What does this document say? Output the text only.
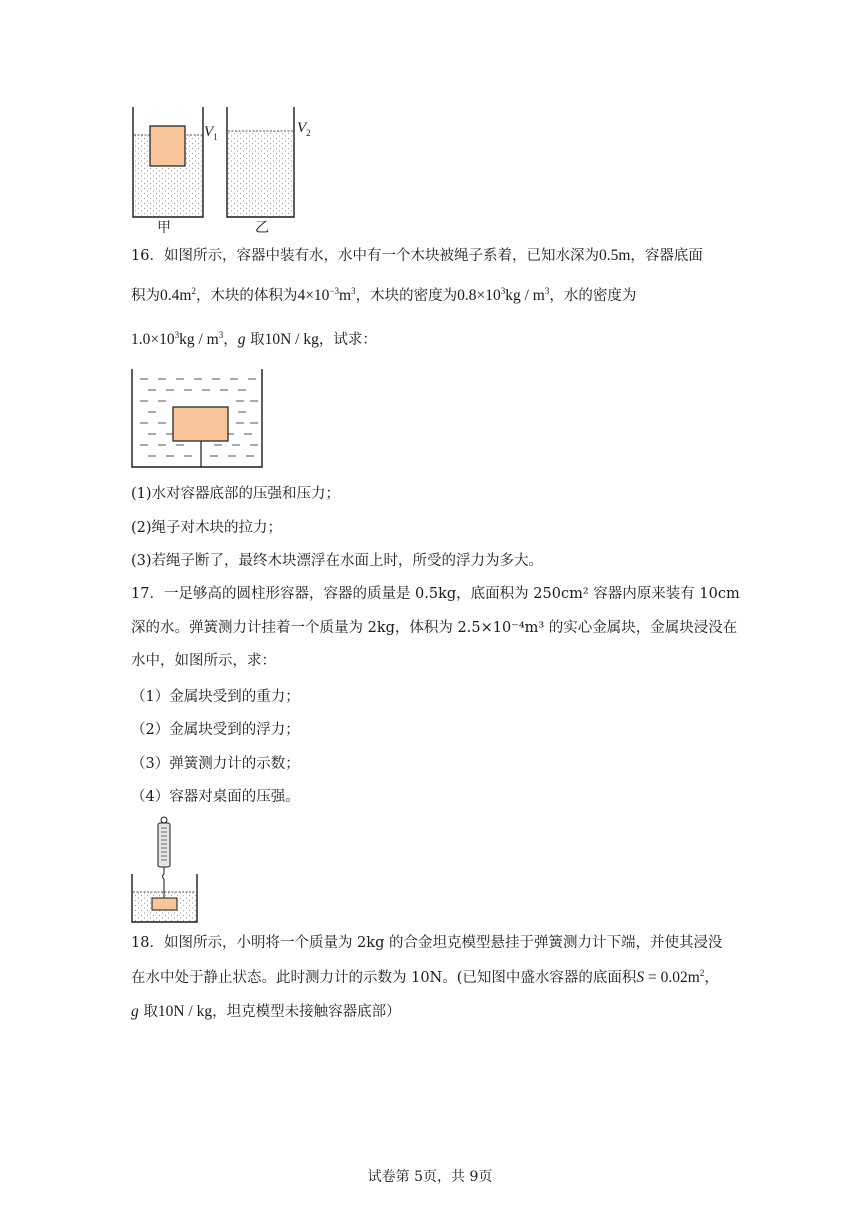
$V_1$
$V_2$
甲	乙
16．如图所示，容器中装有水，水中有一个木块被绳子系着，已知水深为0.5m，容器底面
积为$0.4m^2$，木块的体积为$4\times 10^{-3}m^3$，木块的密度为$0.8\times 10^3kg / m^3$，水的密度为
$1.0\times 10^3kg / m^3$，g 取10N / kg，试求：
(1)水对容器底部的压强和压力；
(2)绳子对木块的拉力；
(3)若绳子断了，最终木块漂浮在水面上时，所受的浮力为多大。
17．一足够高的圆柱形容器，容器的质量是 0.5kg，底面积为 250cm² 容器内原来装有 10cm
深的水。弹簧测力计挂着一个质量为 2kg，体积为 2.5×10⁻⁴m³ 的实心金属块，金属块浸没在
水中，如图所示，求：
（1）金属块受到的重力；
（2）金属块受到的浮力；
（3）弹簧测力计的示数；
（4）容器对桌面的压强。
18．如图所示，小明将一个质量为 2kg 的合金坦克模型悬挂于弹簧测力计下端，并使其浸没
在水中处于静止状态。此时测力计的示数为 10N。(已知图中盛水容器的底面积$S = 0.02m^2$，
g 取10N / kg，坦克模型未接触容器底部）
试卷第 5页，共 9页
